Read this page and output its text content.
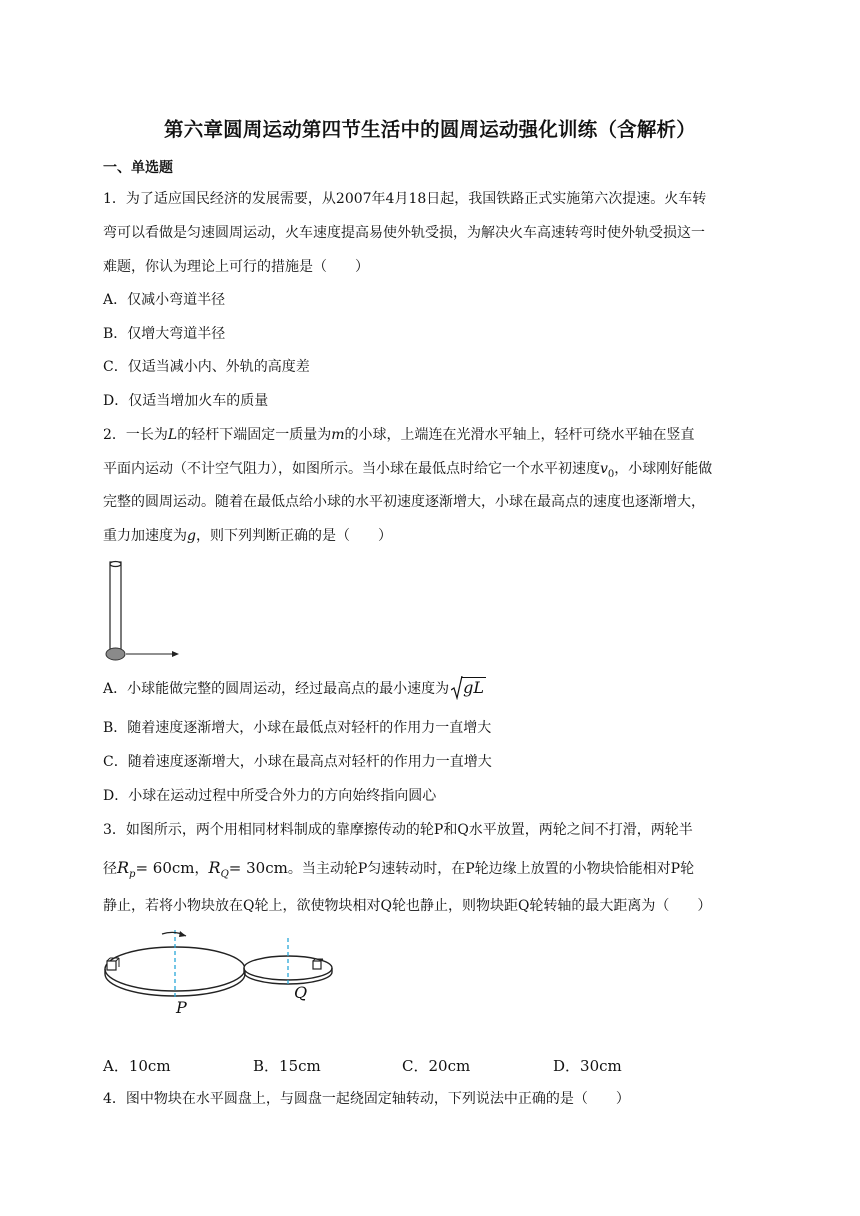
第六章圆周运动第四节生活中的圆周运动强化训练（含解析）
一、单选题
1．为了适应国民经济的发展需要，从2007年4月18日起，我国铁路正式实施第六次提速。火车转
弯可以看做是匀速圆周运动，火车速度提高易使外轨受损，为解决火车高速转弯时使外轨受损这一
难题，你认为理论上可行的措施是（　　）
A．仅减小弯道半径
B．仅增大弯道半径
C．仅适当减小内、外轨的高度差
D．仅适当增加火车的质量
2．一长为L的轻杆下端固定一质量为m的小球，上端连在光滑水平轴上，轻杆可绕水平轴在竖直
平面内运动（不计空气阻力），如图所示。当小球在最低点时给它一个水平初速度$v_0$，小球刚好能做
完整的圆周运动。随着在最低点给小球的水平初速度逐渐增大，小球在最高点的速度也逐渐增大，
重力加速度为g，则下列判断正确的是（　　）
A．小球能做完整的圆周运动，经过最高点的最小速度为 gL
B．随着速度逐渐增大，小球在最低点对轻杆的作用力一直增大
C．随着速度逐渐增大，小球在最高点对轻杆的作用力一直增大
D．小球在运动过程中所受合外力的方向始终指向圆心
3．如图所示，两个用相同材料制成的靠摩擦传动的轮P和Q水平放置，两轮之间不打滑，两轮半
径$R_p= 60cm$，$R_Q= 30cm$。当主动轮P匀速转动时，在P轮边缘上放置的小物块恰能相对P轮
静止，若将小物块放在Q轮上，欲使物块相对Q轮也静止，则物块距Q轮转轴的最大距离为（　　）
P
Q
A．10cm	B．15cm	C．20cm	D．30cm
4．图中物块在水平圆盘上，与圆盘一起绕固定轴转动，下列说法中正确的是（　　）
